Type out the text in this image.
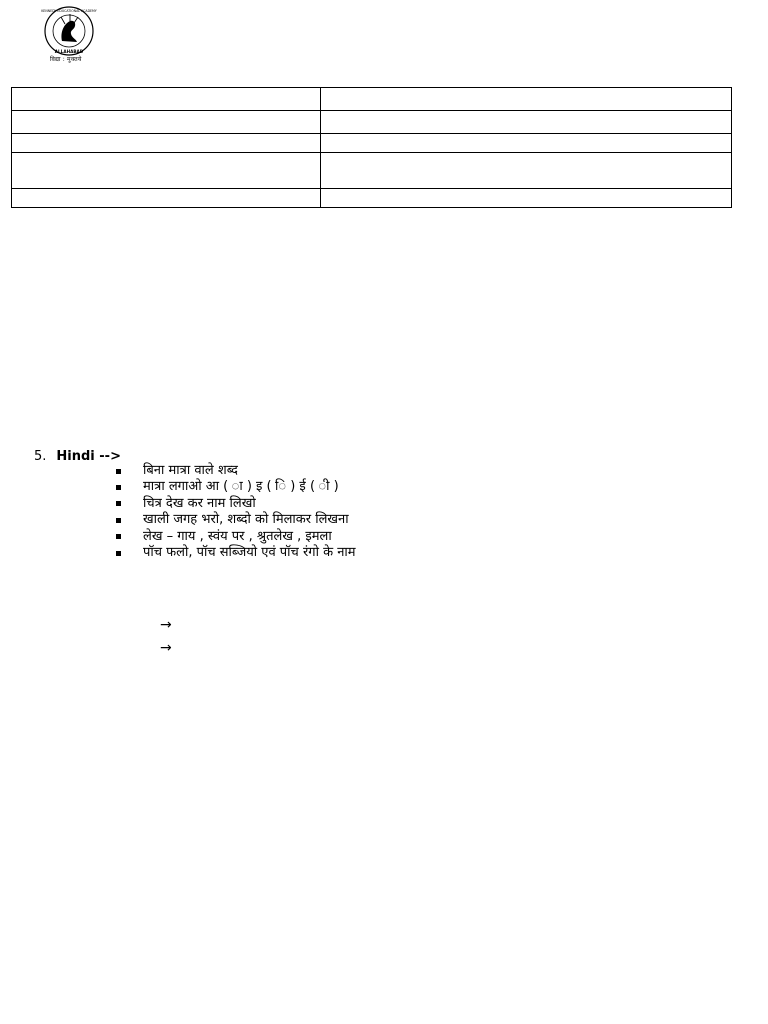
KENNEDY EDUCATIONAL ACADEMY
ALLAHABAD
विद्या : मुक्तये

5. Hindi -->
बिना मात्रा वाले शब्द
मात्रा लगाओ आ ( ा ) इ ( ि ) ई ( ी )
चित्र देख कर नाम लिखो
खाली जगह भरो, शब्दो को मिलाकर लिखना
लेख – गाय , स्वंय पर , श्रुतलेख , इमला
पॉच फलो, पॉच सब्जियो एवं पॉच रंगो के नाम
→
→
